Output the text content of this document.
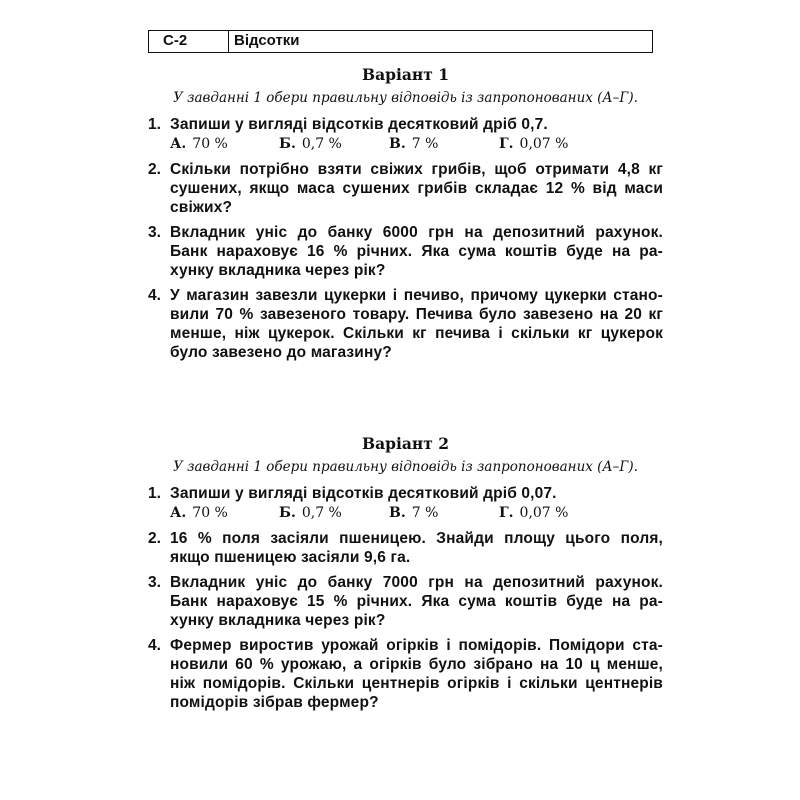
С-2	Відсотки

Варіант 1

У завданні 1 обери правильну відповідь із запропонованих (А–Г).

1. Запиши у вигляді відсотків десятковий дріб 0,7.

А. 70 %	Б. 0,7 %	В. 7 %	Г. 0,07 %
2. Скільки потрібно взяти свіжих грибів, щоб отримати 4,8 кг
сушених, якщо маса сушених грибів складає 12 % від маси
свіжих?

3. Вкладник уніс до банку 6000 грн на депозитний рахунок.
Банк нараховує 16 % річних. Яка сума коштів буде на ра-
хунку вкладника через рік?

4. У магазин завезли цукерки і печиво, причому цукерки стано-
вили 70 % завезеного товару. Печива було завезено на 20 кг
менше, ніж цукерок. Скільки кг печива і скільки кг цукерок
було завезено до магазину?

Варіант 2

У завданні 1 обери правильну відповідь із запропонованих (А–Г).

1. Запиши у вигляді відсотків десятковий дріб 0,07.

А. 70 %	Б. 0,7 %	В. 7 %	Г. 0,07 %
2. 16 % поля засіяли пшеницею. Знайди площу цього поля,
якщо пшеницею засіяли 9,6 га.

3. Вкладник уніс до банку 7000 грн на депозитний рахунок.
Банк нараховує 15 % річних. Яка сума коштів буде на ра-
хунку вкладника через рік?

4. Фермер виростив урожай огірків і помідорів. Помідори ста-
новили 60 % урожаю, а огірків було зібрано на 10 ц менше,
ніж помідорів. Скільки центнерів огірків і скільки центнерів
помідорів зібрав фермер?
